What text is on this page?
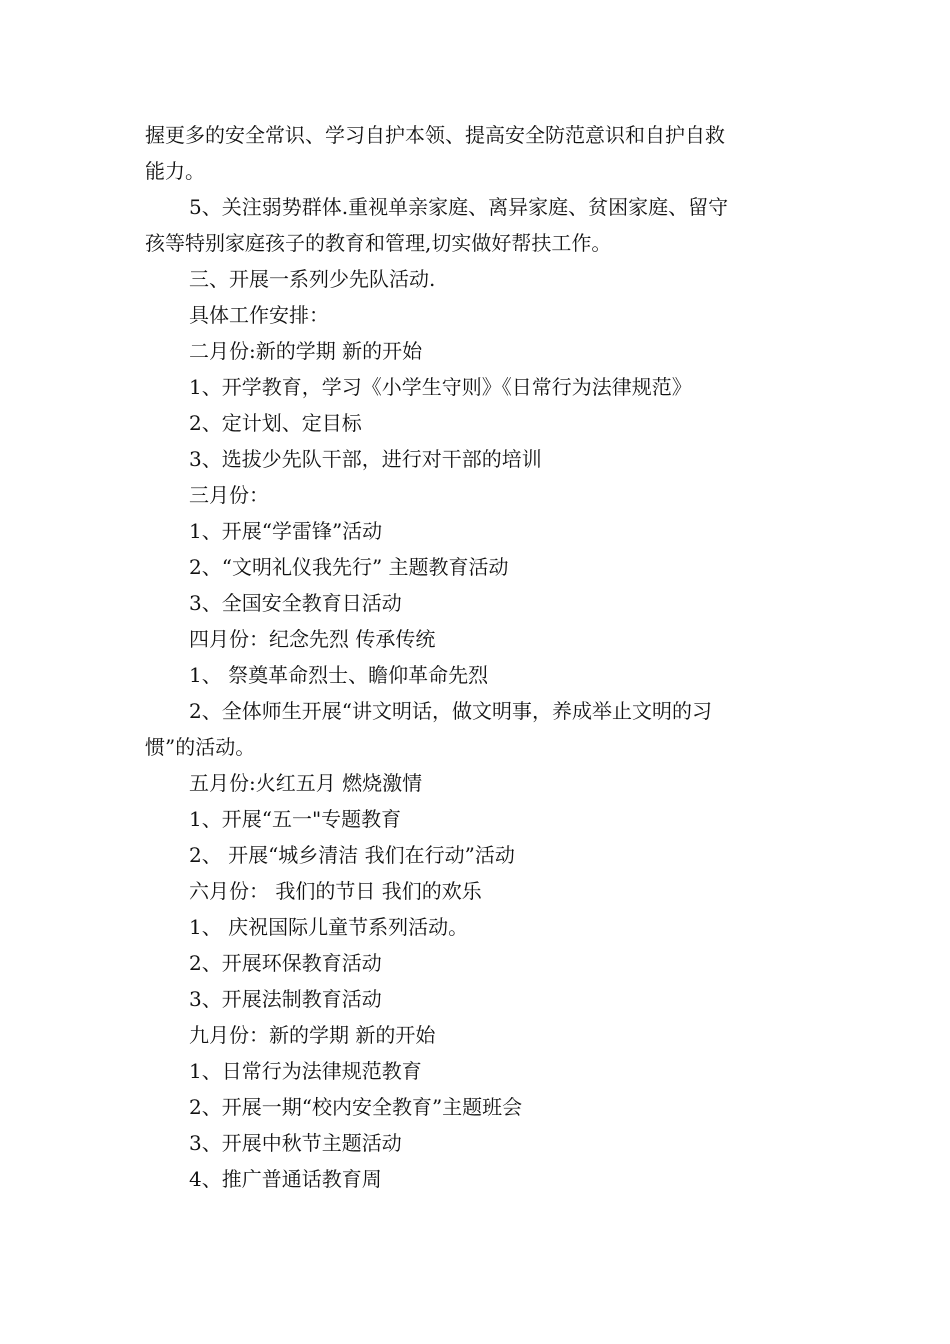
握更多的安全常识、学习自护本领、提高安全防范意识和自护自救

能力。

5、关注弱势群体.重视单亲家庭、离异家庭、贫困家庭、留守

孩等特别家庭孩子的教育和管理,切实做好帮扶工作。

三、开展一系列少先队活动.

具体工作安排：

二月份:新的学期 新的开始

1、开学教育，学习《小学生守则》《日常行为法律规范》

2、定计划、定目标

3、选拔少先队干部，进行对干部的培训

三月份：

1、开展“学雷锋”活动

2、“文明礼仪我先行” 主题教育活动

3、全国安全教育日活动

四月份：纪念先烈 传承传统

1、 祭奠革命烈士、瞻仰革命先烈

2、全体师生开展“讲文明话，做文明事，养成举止文明的习

惯”的活动。

五月份:火红五月 燃烧激情

1、开展“五一"专题教育

2、 开展“城乡清洁 我们在行动”活动

六月份： 我们的节日 我们的欢乐

1、 庆祝国际儿童节系列活动。

2、开展环保教育活动

3、开展法制教育活动

九月份：新的学期 新的开始

1、日常行为法律规范教育

2、开展一期“校内安全教育”主题班会

3、开展中秋节主题活动

4、推广普通话教育周
